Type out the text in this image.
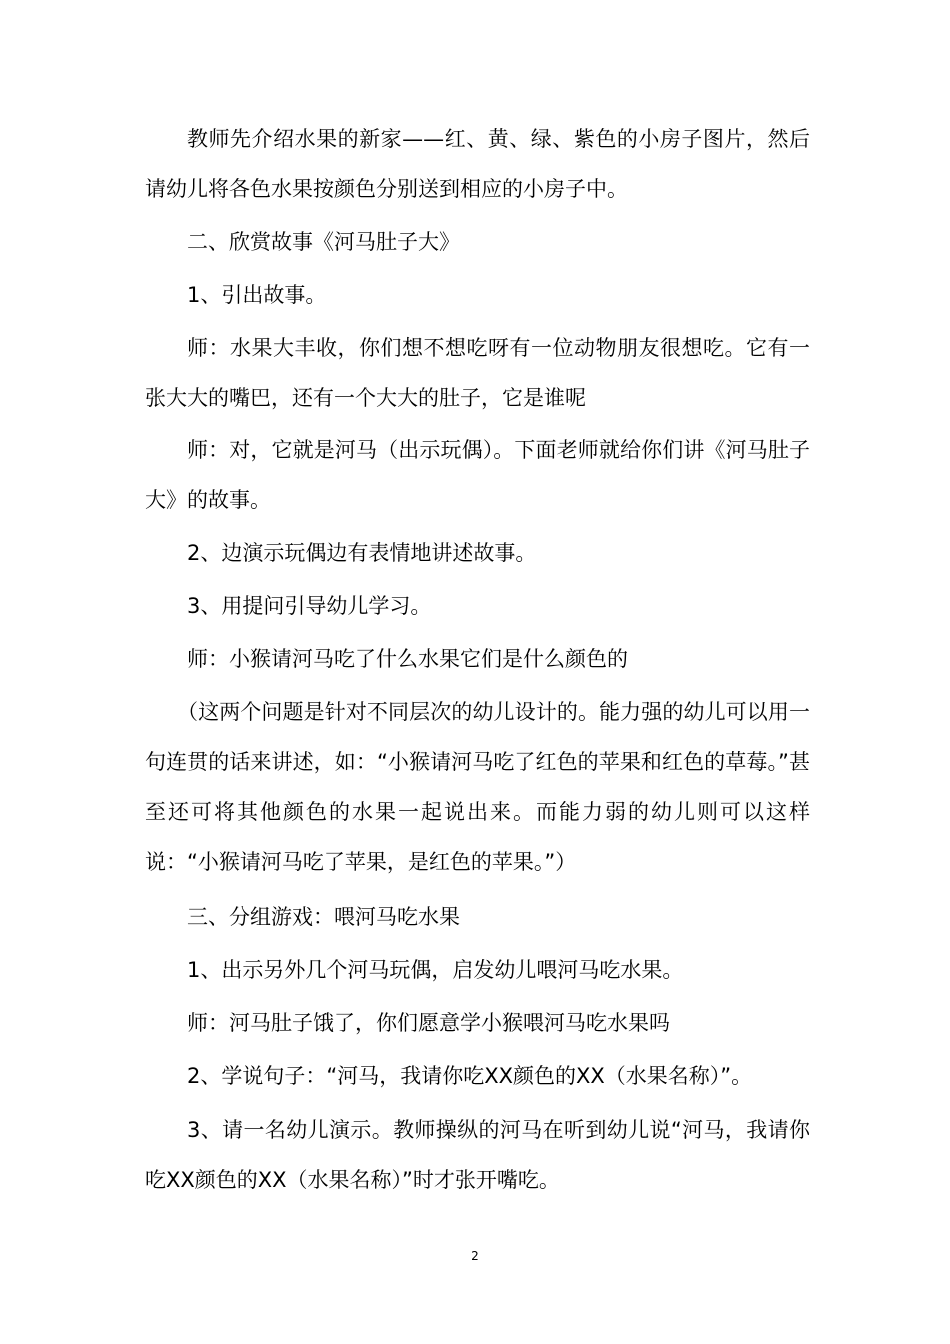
教师先介绍水果的新家——红、黄、绿、紫色的小房子图片，然后请幼儿将各色水果按颜色分别送到相应的小房子中。

二、欣赏故事《河马肚子大》

1、引出故事。

师：水果大丰收，你们想不想吃呀有一位动物朋友很想吃。它有一张大大的嘴巴，还有一个大大的肚子，它是谁呢

师：对，它就是河马（出示玩偶）。下面老师就给你们讲《河马肚子大》的故事。

2、边演示玩偶边有表情地讲述故事。

3、用提问引导幼儿学习。

师：小猴请河马吃了什么水果它们是什么颜色的

（这两个问题是针对不同层次的幼儿设计的。能力强的幼儿可以用一句连贯的话来讲述，如：“小猴请河马吃了红色的苹果和红色的草莓。”甚至还可将其他颜色的水果一起说出来。而能力弱的幼儿则可以这样说：“小猴请河马吃了苹果，是红色的苹果。”）

三、分组游戏：喂河马吃水果

1、出示另外几个河马玩偶，启发幼儿喂河马吃水果。

师：河马肚子饿了，你们愿意学小猴喂河马吃水果吗

2、学说句子：“河马，我请你吃XX颜色的XX（水果名称）”。

3、请一名幼儿演示。教师操纵的河马在听到幼儿说“河马，我请你吃XX颜色的XX（水果名称）”时才张开嘴吃。

2
